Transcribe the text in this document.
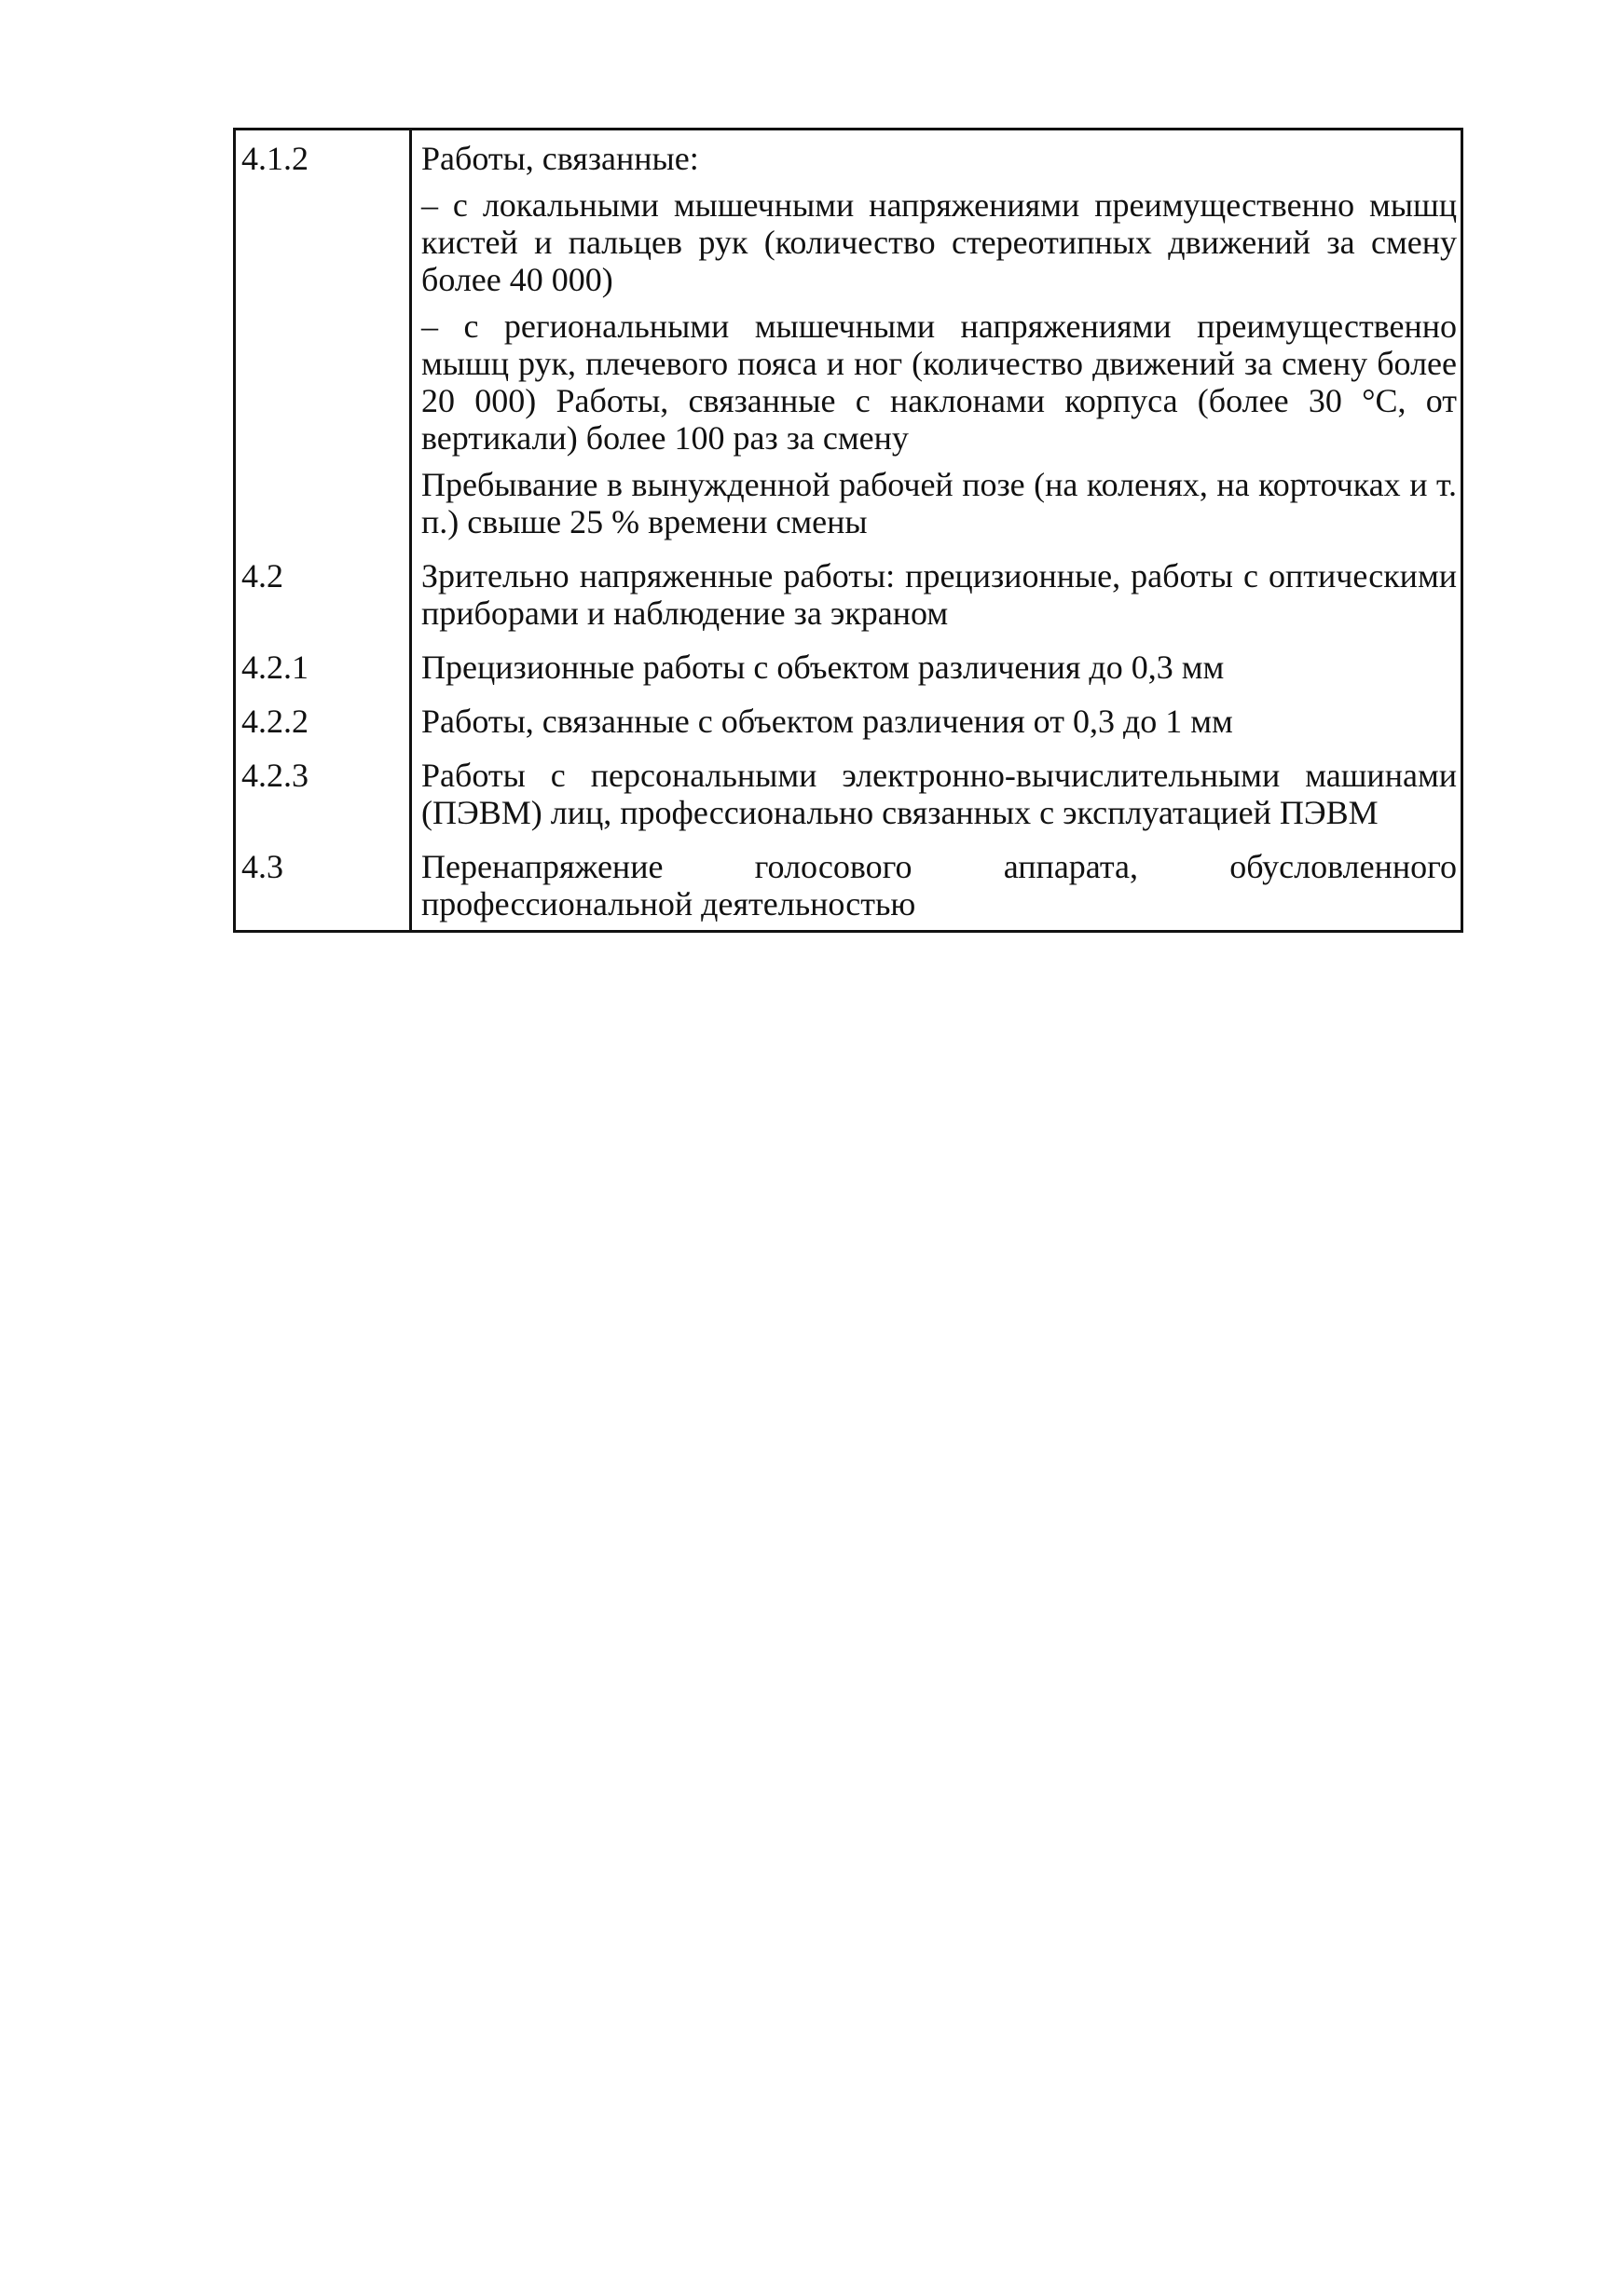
4.1.2	Работы, связанные:
– с локальными мышечными напряжениями преимущественно мышц кистей и пальцев рук (количество стереотипных движений за смену более 40 000)
– с региональными мышечными напряжениями преимущественно мышц рук, плечевого пояса и ног (количество движений за смену более 20 000) Работы, связанные с наклонами корпуса (более 30 °С, от вертикали) более 100 раз за смену
Пребывание в вынужденной рабочей позе (на коленях, на корточках и т. п.) свыше 25 % времени смены

4.2	Зрительно напряженные работы: прецизионные, работы с оптическими приборами и наблюдение за экраном

4.2.1	Прецизионные работы с объектом различения до 0,3 мм

4.2.2	Работы, связанные с объектом различения от 0,3 до 1 мм

4.2.3	Работы с персональными электронно-вычислительными машинами (ПЭВМ) лиц, профессионально связанных с эксплуатацией ПЭВМ

4.3	Перенапряжение голосового аппарата, обусловленного профессиональной деятельностью
